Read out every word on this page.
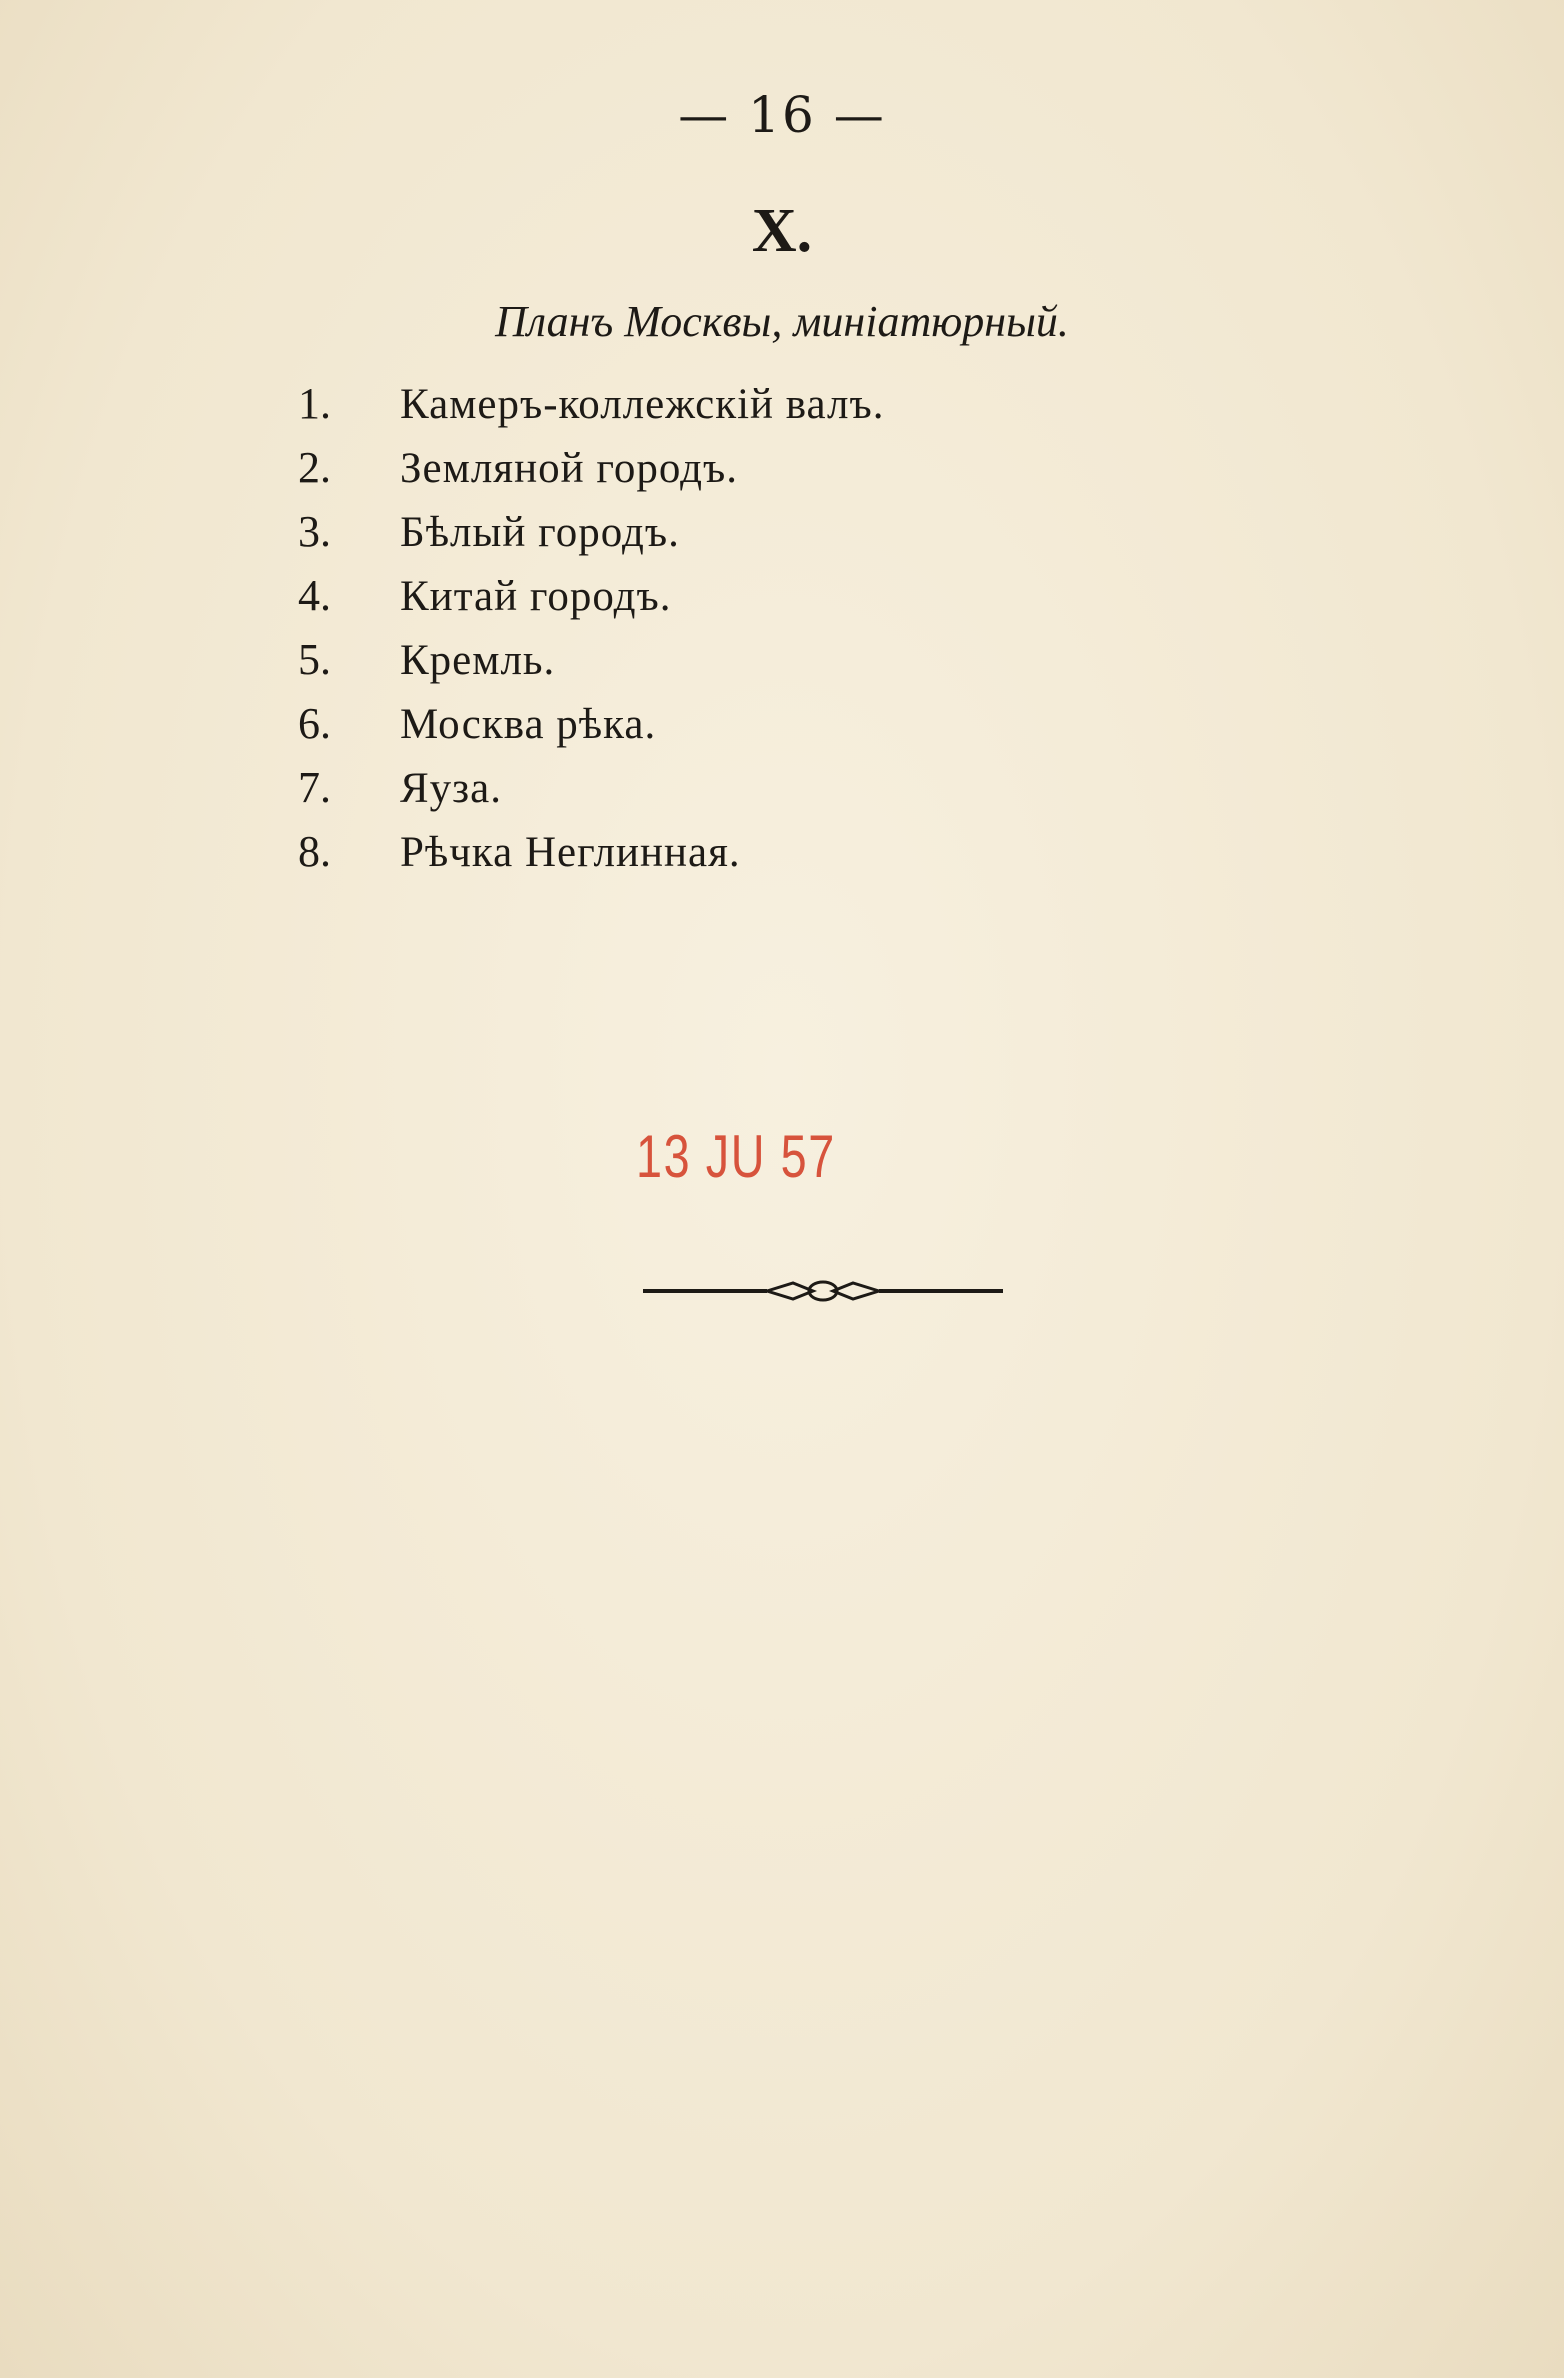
— 16 —
X.
Планъ Москвы, миніатюрный.
1.	Камеръ-коллежскій валъ.
2.	Земляной городъ.
3.	Бѣлый городъ.
4.	Китай городъ.
5.	Кремль.
6.	Москва рѣка.
7.	Яуза.
8.	Рѣчка Неглинная.
13 JU 57
